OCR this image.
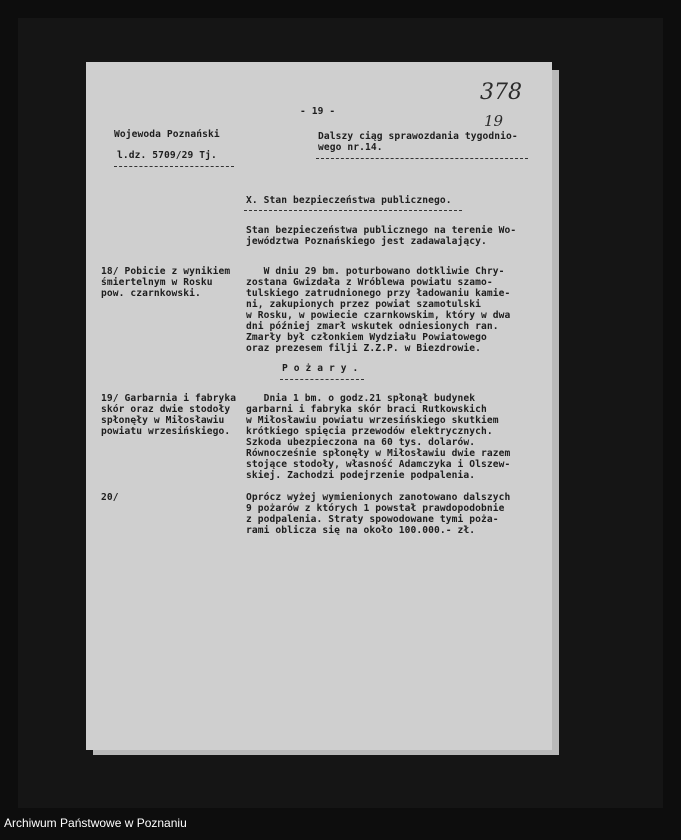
- 19 -
378
19
Wojewoda Poznański
l.dz. 5709/29 Tj.
Dalszy ciąg sprawozdania tygodnio-
wego nr.14.
X. Stan bezpieczeństwa publicznego.
Stan bezpieczeństwa publicznego na terenie Wo-
jewództwa Poznańskiego jest zadawalający.
18/ Pobicie z wynikiem
śmiertelnym w Rosku
pow. czarnkowski.
W dniu 29 bm. poturbowano dotkliwie Chry-
zostana Gwizdała z Wróblewa powiatu szamo-
tulskiego zatrudnionego przy ładowaniu kamie-
ni, zakupionych przez powiat szamotulski
w Rosku, w powiecie czarnkowskim, który w dwa
dni później zmarł wskutek odniesionych ran.
Zmarły był członkiem Wydziału Powiatowego
oraz prezesem filji Z.Z.P. w Biezdrowie.
P o ż a r y .
19/ Garbarnia i fabryka
skór oraz dwie stodoły
spłonęły w Miłosławiu
powiatu wrzesińskiego.
Dnia 1 bm. o godz.21 spłonął budynek
garbarni i fabryka skór braci Rutkowskich
w Miłosławiu powiatu wrzesińskiego skutkiem
krótkiego spięcia przewodów elektrycznych.
Szkoda ubezpieczona na 60 tys. dolarów.
Równocześnie spłonęły w Miłosławiu dwie razem
stojące stodoły, własność Adamczyka i Olszew-
skiej. Zachodzi podejrzenie podpalenia.
20/	Oprócz wyżej wymienionych zanotowano dalszych
9 pożarów z których 1 powstał prawdopodobnie
z podpalenia. Straty spowodowane tymi poża-
rami oblicza się na około 100.000.- zł.
Archiwum Państwowe w Poznaniu
